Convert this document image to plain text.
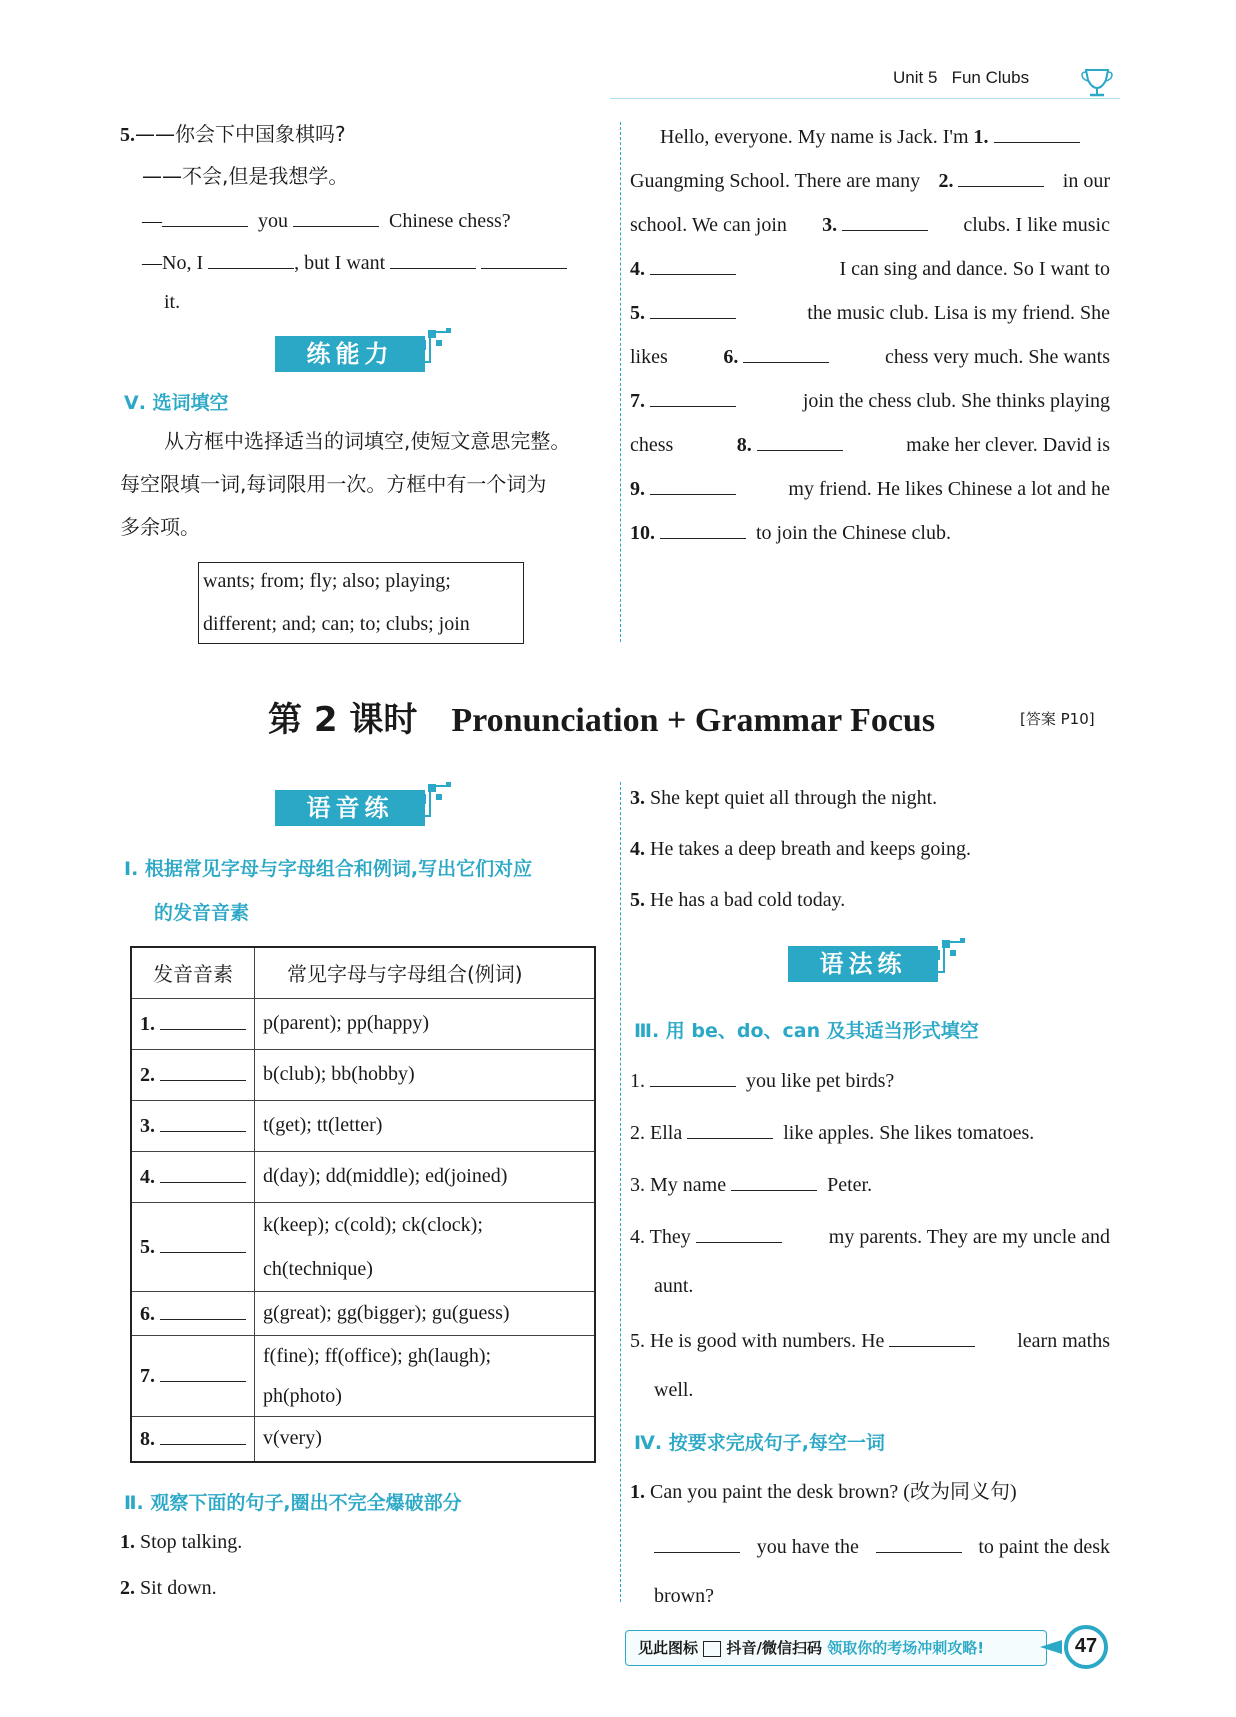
Unit 5 Fun Clubs
5.——你会下中国象棋吗?
——不会,但是我想学。
—	you	Chinese chess?
—No, I	, but I want
it.
练能力
Ⅴ. 选词填空
从方框中选择适当的词填空,使短文意思完整。
每空限填一词,每词限用一次。方框中有一个词为
多余项。
wants; from; fly; also; playing;
different; and; can; to; clubs; join
Hello, everyone. My name is Jack. I'm 1.
Guangming School. There are many 2.	in our
school. We can join 3.	clubs. I like music
4.	I can sing and dance. So I want to
5.	the music club. Lisa is my friend. She
likes	6.	chess very much. She wants
7.	join the chess club. She thinks playing
chess	8.	make her clever. David is
9.	my friend. He likes Chinese a lot and he
10.	to join the Chinese club.
第 2 课时 Pronunciation + Grammar Focus	[答案 P10]
语音练
Ⅰ. 根据常见字母与字母组合和例词,写出它们对应
的发音音素
发音音素	常见字母与字母组合(例词)
1.	p(parent); pp(happy)
2.	b(club); bb(hobby)
3.	t(get); tt(letter)
4.	d(day); dd(middle); ed(joined)
5.	k(keep); c(cold); ck(clock);
ch(technique)

6.	g(great); gg(bigger); gu(guess)
7.	f(fine); ff(office); gh(laugh);
ph(photo)

8.	v(very)
Ⅱ. 观察下面的句子,圈出不完全爆破部分
1. Stop talking.
2. Sit down.
3. She kept quiet all through the night.
4. He takes a deep breath and keeps going.
5. He has a bad cold today.
语法练
Ⅲ. 用 be、do、can 及其适当形式填空
1.	you like pet birds?
2. Ella	like apples. She likes tomatoes.
3. My name	Peter.
4. They	my parents. They are my uncle and
aunt.
5. He is good with numbers. He	learn maths
well.
Ⅳ. 按要求完成句子,每空一词
1. Can you paint the desk brown? (改为同义句)
you have the	to paint the desk
brown?
见此图标 抖音/微信扫码 领取你的考场冲刺攻略!	47
